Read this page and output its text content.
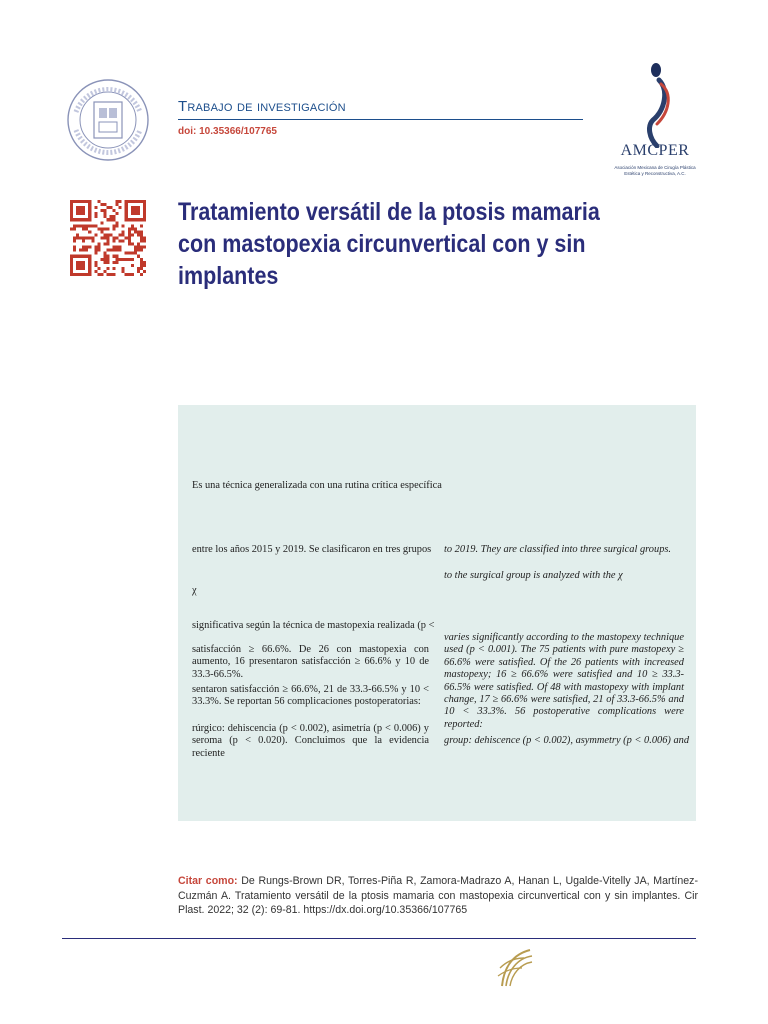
Trabajo de investigación
doi: 10.35366/107765
AMCPER
Asociación Mexicana de Cirugía Plástica
Estética y Reconstructiva, A.C.
Tratamiento versátil de la ptosis mamaria con mastopexia circunvertical con y sin implantes
Es una técnica generalizada con una rutina crítica específica
entre los años 2015 y 2019. Se clasificaron en tres grupos
χ
significativa según la técnica de mastopexia realizada (p <
satisfacción ≥ 66.6%. De 26 con mastopexia con aumento, 16 presentaron satisfacción ≥ 66.6% y 10 de 33.3-66.5%.
sentaron satisfacción ≥ 66.6%, 21 de 33.3-66.5% y 10 < 33.3%. Se reportan 56 complicaciones postoperatorias:
rúrgico: dehiscencia (p < 0.002), asimetría (p < 0.006) y seroma (p < 0.020). Concluimos que la evidencia reciente
to 2019. They are classified into three surgical groups.
to the surgical group is analyzed with the χ
varies significantly according to the mastopexy technique used (p < 0.001). The 75 patients with pure mastopexy ≥ 66.6% were satisfied. Of the 26 patients with increased mastopexy; 16 ≥ 66.6% were satisfied and 10 ≥ 33.3-66.5% were satisfied. Of 48 with mastopexy with implant change, 17 ≥ 66.6% were satisfied, 21 of 33.3-66.5% and 10 < 33.3%. 56 postoperative complications were reported:
group: dehiscence (p < 0.002), asymmetry (p < 0.006) and
Citar como: De Rungs-Brown DR, Torres-Piña R, Zamora-Madrazo A, Hanan L, Ugalde-Vitelly JA, Martínez-Cuzmán A. Tratamiento versátil de la ptosis mamaria con mastopexia circunvertical con y sin implantes. Cir Plast. 2022; 32 (2): 69-81. https://dx.doi.org/10.35366/107765
